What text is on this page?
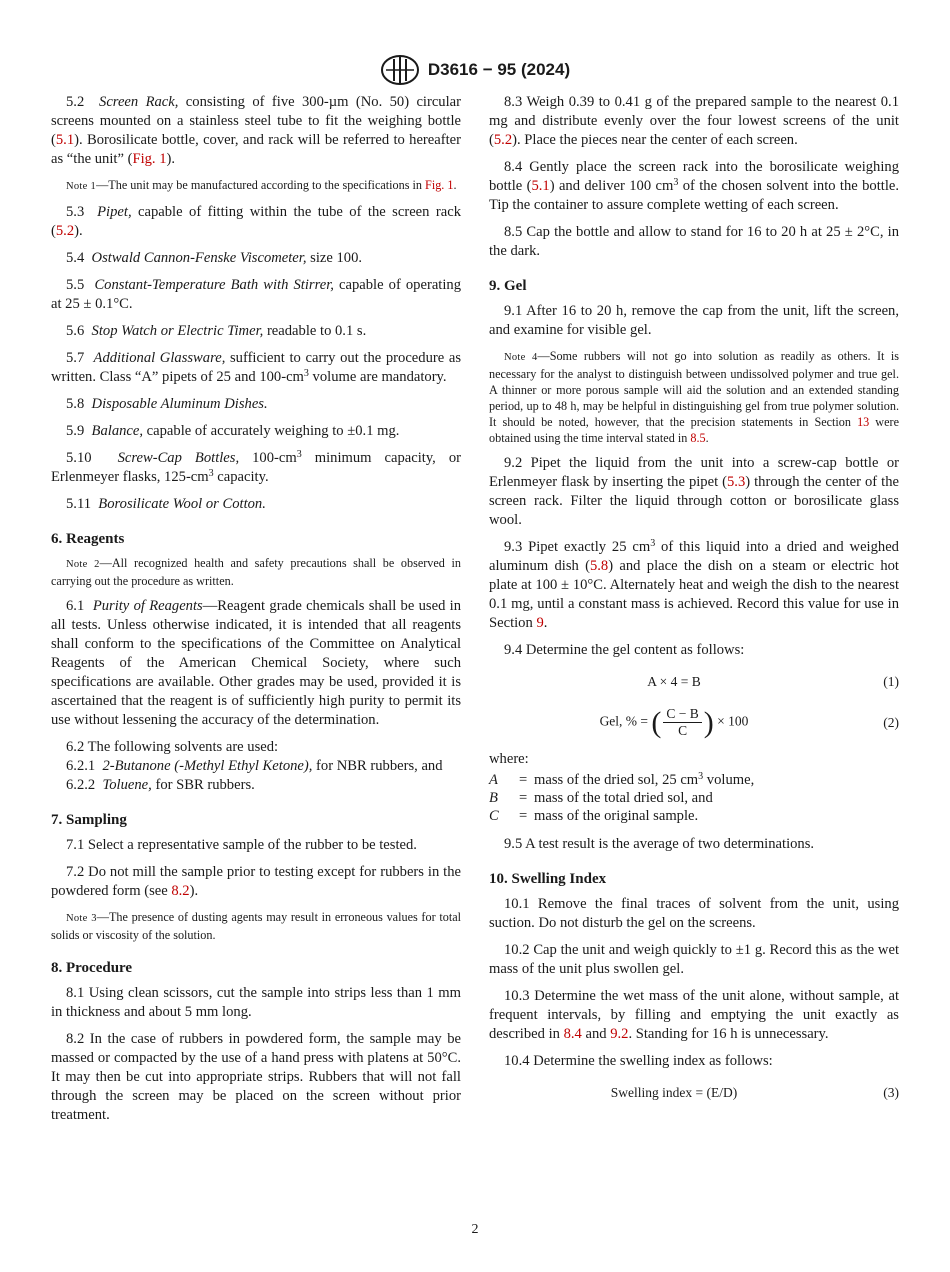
D3616 − 95 (2024)

5.2 Screen Rack, consisting of five 300-µm (No. 50) circular screens mounted on a stainless steel tube to fit the weighing bottle (5.1). Borosilicate bottle, cover, and rack will be referred to hereafter as “the unit” (Fig. 1).

Note 1—The unit may be manufactured according to the specifications in Fig. 1.

5.3 Pipet, capable of fitting within the tube of the screen rack (5.2).

5.4 Ostwald Cannon-Fenske Viscometer, size 100.

5.5 Constant-Temperature Bath with Stirrer, capable of operating at 25 ± 0.1°C.

5.6 Stop Watch or Electric Timer, readable to 0.1 s.

5.7 Additional Glassware, sufficient to carry out the procedure as written. Class “A” pipets of 25 and $100-cm^3$ volume are mandatory.

5.8 Disposable Aluminum Dishes.

5.9 Balance, capable of accurately weighing to ±0.1 mg.

5.10 Screw-Cap Bottles, $100-cm^3$ minimum capacity, or Erlenmeyer flasks, $125-cm^3$ capacity.

5.11 Borosilicate Wool or Cotton.

6. Reagents
Note 2—All recognized health and safety precautions shall be observed in carrying out the procedure as written.

6.1 Purity of Reagents—Reagent grade chemicals shall be used in all tests. Unless otherwise indicated, it is intended that all reagents shall conform to the specifications of the Committee on Analytical Reagents of the American Chemical Society, where such specifications are available. Other grades may be used, provided it is ascertained that the reagent is of sufficiently high purity to permit its use without lessening the accuracy of the determination.

6.2 The following solvents are used:

6.2.1 2-Butanone (-Methyl Ethyl Ketone), for NBR rubbers, and

6.2.2 Toluene, for SBR rubbers.

7. Sampling

7.1 Select a representative sample of the rubber to be tested.

7.2 Do not mill the sample prior to testing except for rubbers in the powdered form (see 8.2).

Note 3—The presence of dusting agents may result in erroneous values for total solids or viscosity of the solution.
8. Procedure

8.1 Using clean scissors, cut the sample into strips less than 1 mm in thickness and about 5 mm long.

8.2 In the case of rubbers in powdered form, the sample may be massed or compacted by the use of a hand press with platens at 50°C. It may then be cut into appropriate strips. Rubbers that will not fall through the screen may be placed on the screen without prior treatment.

8.3 Weigh 0.39 to 0.41 g of the prepared sample to the nearest 0.1 mg and distribute evenly over the four lowest screens of the unit (5.2). Place the pieces near the center of each screen.

8.4 Gently place the screen rack into the borosilicate weighing bottle (5.1) and deliver 100 $cm^3$ of the chosen solvent into the bottle. Tip the container to assure complete wetting of each screen.

8.5 Cap the bottle and allow to stand for 16 to 20 h at 25 ± 2°C, in the dark.

9. Gel

9.1 After 16 to 20 h, remove the cap from the unit, lift the screen, and examine for visible gel.

Note 4—Some rubbers will not go into solution as readily as others. It is necessary for the analyst to distinguish between undissolved polymer and true gel. A thinner or more porous sample will aid the solution and an extended standing period, up to 48 h, may be helpful in distinguishing gel from true polymer solution. It should be noted, however, that the precision statements in Section 13 were obtained using the time interval stated in 8.5.

9.2 Pipet the liquid from the unit into a screw-cap bottle or Erlenmeyer flask by inserting the pipet (5.3) through the center of the screen rack. Filter the liquid through cotton or borosilicate glass wool.

9.3 Pipet exactly 25 $cm^3$ of this liquid into a dried and weighed aluminum dish (5.8) and place the dish on a steam or electric hot plate at 100 ± 10°C. Alternately heat and weigh the dish to the nearest 0.1 mg, until a constant mass is achieved. Record this value for use in Section 9.

9.4 Determine the gel content as follows:

A × 4 = B	(1)
Gel, % = ( $\frac{C - B}{C}$ ) × 100	(2)

where:

A	= mass of the dried sol, 25 $cm^3$ volume,
B	= mass of the total dried sol, and
C	= mass of the original sample.

9.5 A test result is the average of two determinations.

10. Swelling Index

10.1 Remove the final traces of solvent from the unit, using suction. Do not disturb the gel on the screens.

10.2 Cap the unit and weigh quickly to ±1 g. Record this as the wet mass of the unit plus swollen gel.

10.3 Determine the wet mass of the unit alone, without sample, at frequent intervals, by filling and emptying the unit exactly as described in 8.4 and 9.2. Standing for 16 h is unnecessary.

10.4 Determine the swelling index as follows:

Swelling index = (E/D)	(3)
2
